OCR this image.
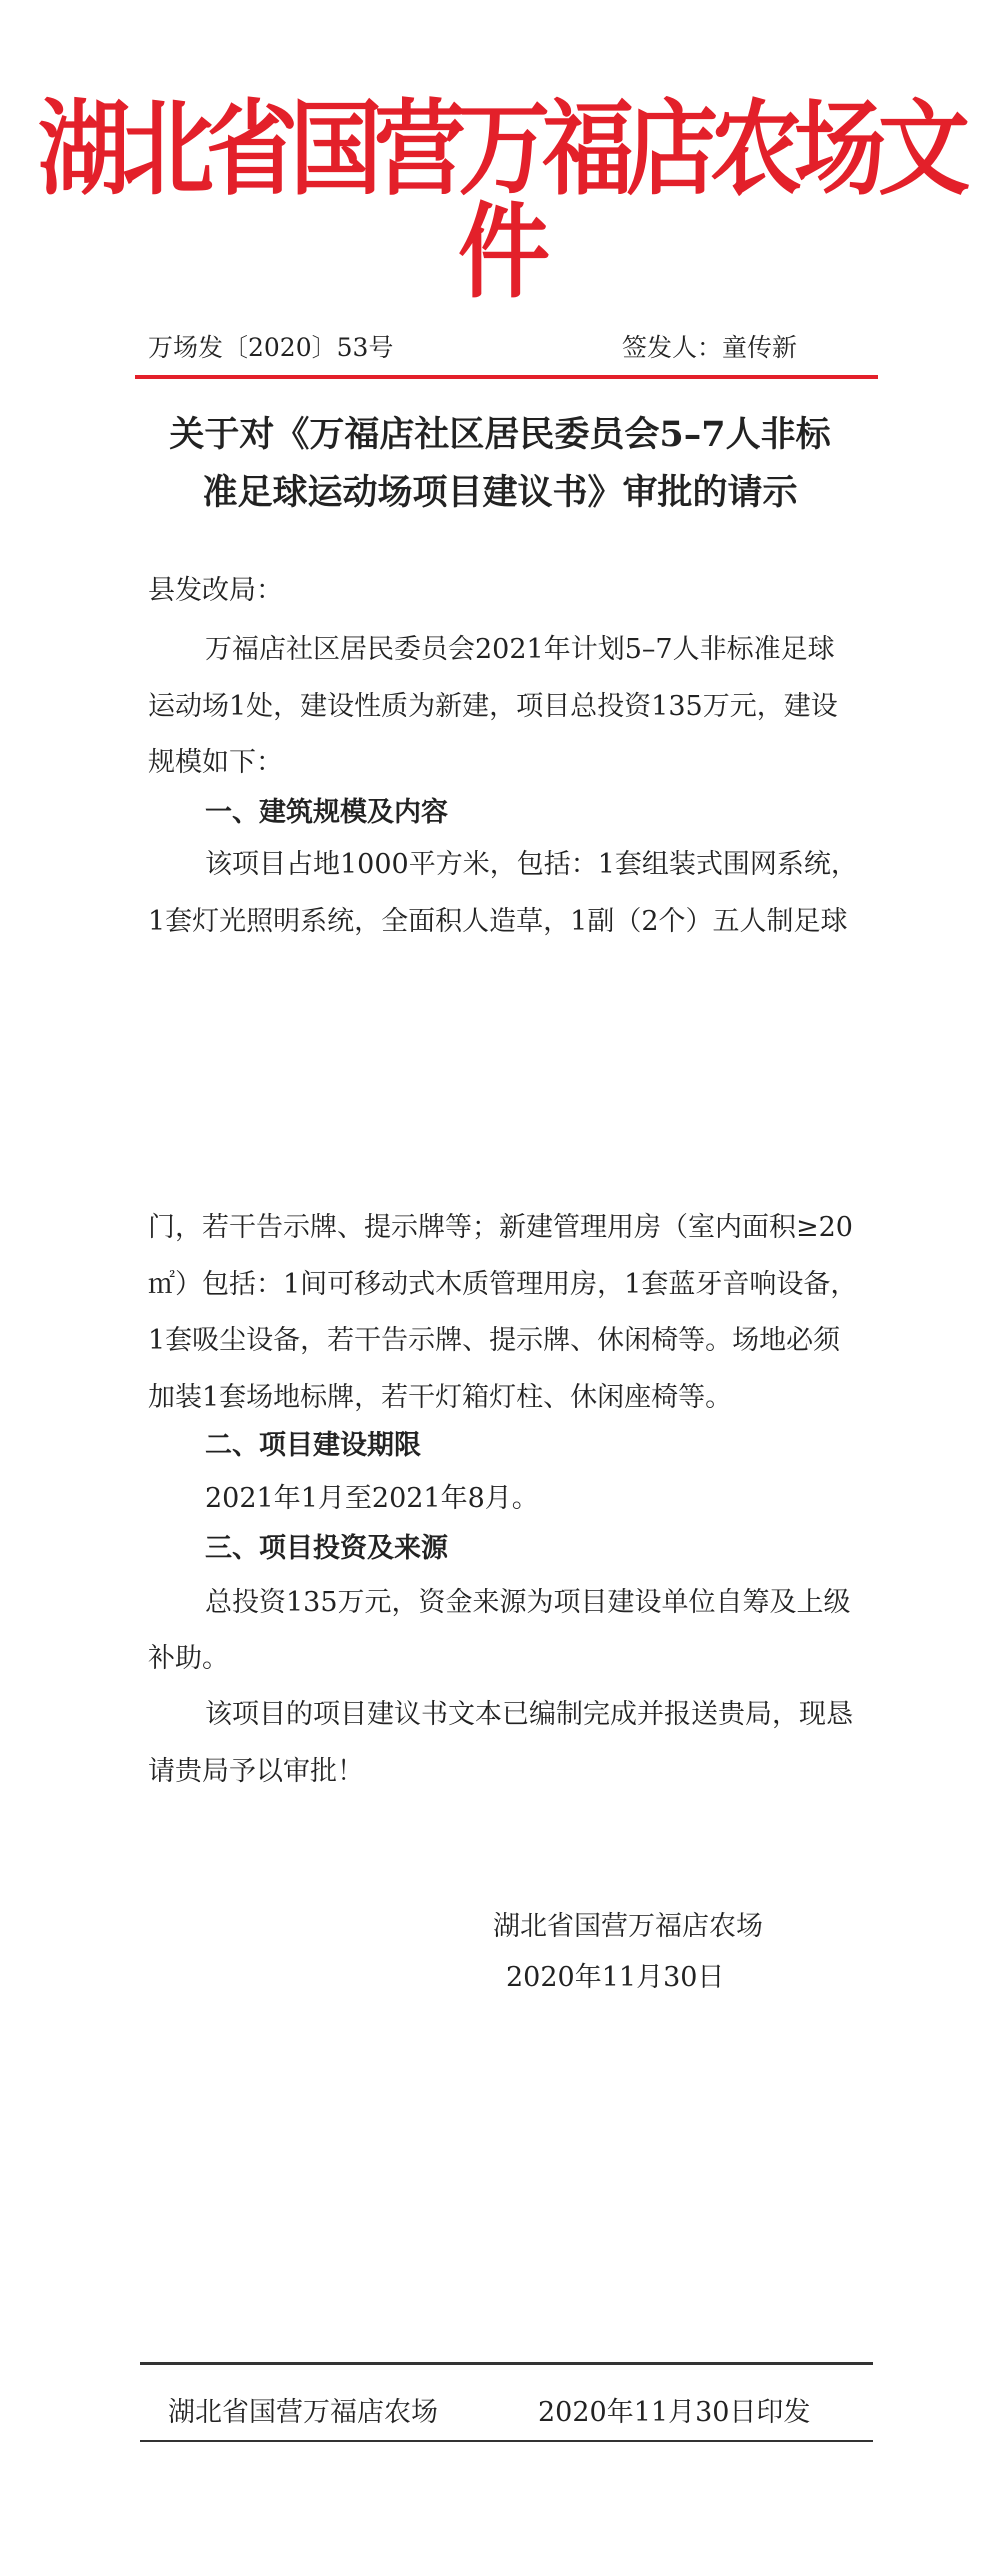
湖北省国营万福店农场文件
万场发〔2020〕53号	签发人：童传新
关于对《万福店社区居民委员会5–7人非标
准足球运动场项目建议书》审批的请示
县发改局：
万福店社区居民委员会2021年计划5–7人非标准足球
运动场1处，建设性质为新建，项目总投资135万元，建设
规模如下：
一、建筑规模及内容
该项目占地1000平方米，包括：1套组装式围网系统，
1套灯光照明系统，全面积人造草，1副（2个）五人制足球
门，若干告示牌、提示牌等；新建管理用房（室内面积≥20
㎡）包括：1间可移动式木质管理用房，1套蓝牙音响设备，
1套吸尘设备，若干告示牌、提示牌、休闲椅等。场地必须
加装1套场地标牌，若干灯箱灯柱、休闲座椅等。
二、项目建设期限
2021年1月至2021年8月。
三、项目投资及来源
总投资135万元，资金来源为项目建设单位自筹及上级
补助。
该项目的项目建议书文本已编制完成并报送贵局，现恳
请贵局予以审批！
湖北省国营万福店农场
2020年11月30日
湖北省国营万福店农场	2020年11月30日印发
